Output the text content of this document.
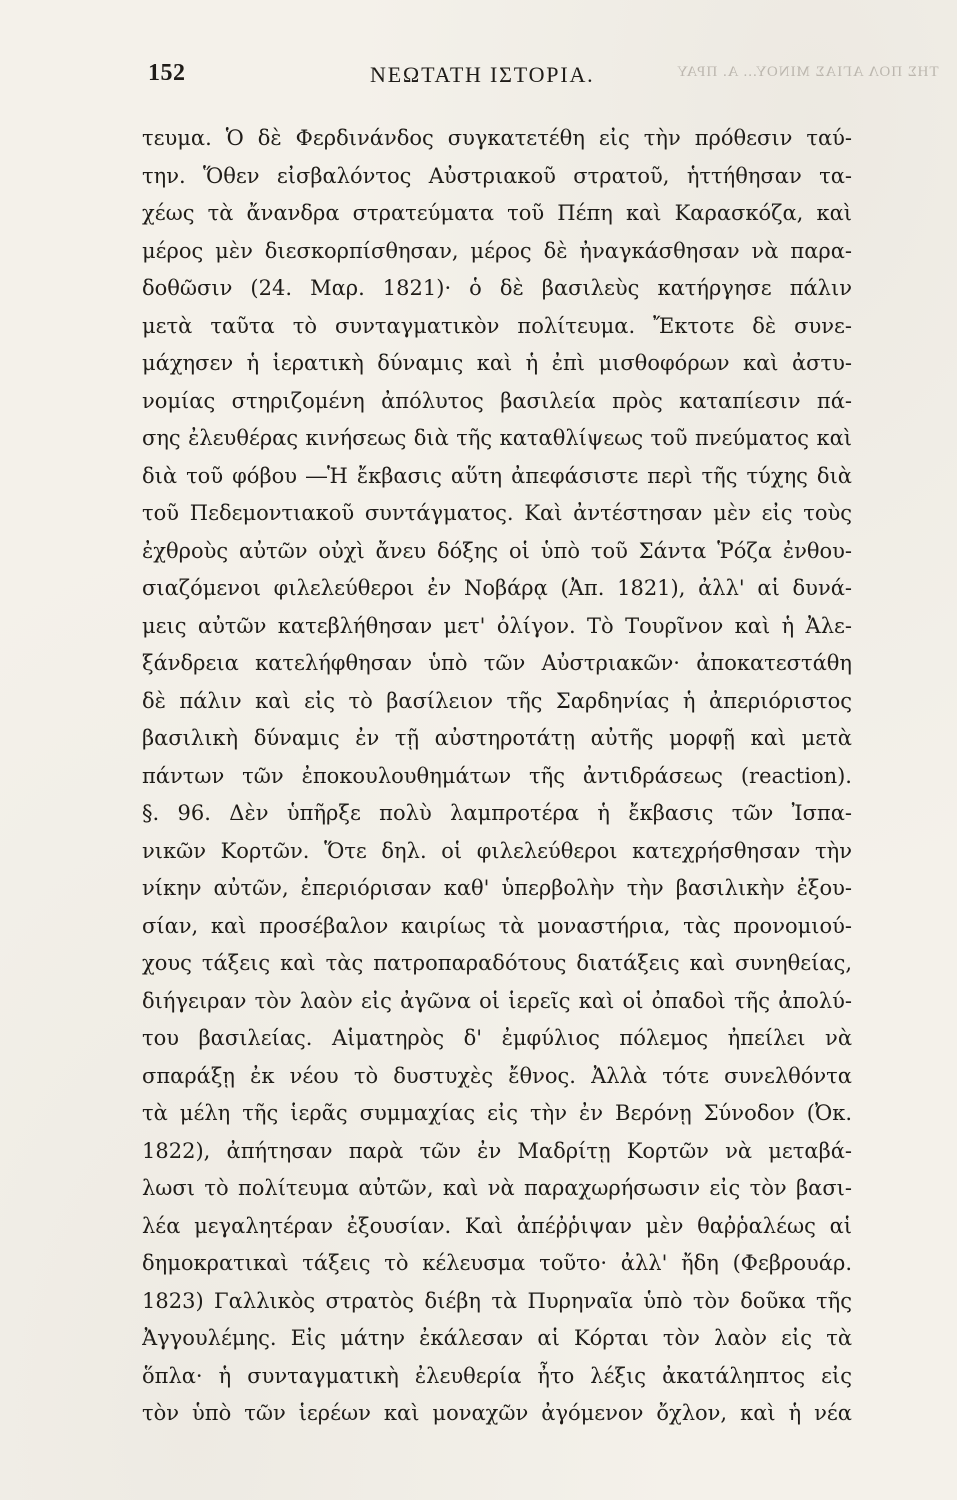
ΤΗΣ ΠΟΛ ΑΓΙΑΣ ΜΙΝΟΥ... Α. ΠΡΑΥ
152	ΝΕΩΤΑΤΗ ΙΣΤΟΡΙΑ.
τευμα. Ὁ δὲ Φερδινάνδος συγκατετέθη εἰς τὴν πρόθεσιν ταύ-
την. Ὅθεν εἰσβαλόντος Αὐστριακοῦ στρατοῦ, ἡττήθησαν τα-
χέως τὰ ἄνανδρα στρατεύματα τοῦ Πέπη καὶ Καρασκόζα, καὶ
μέρος μὲν διεσκορπίσθησαν, μέρος δὲ ἠναγκάσθησαν νὰ παρα-
δοθῶσιν (24. Μαρ. 1821)· ὁ δὲ βασιλεὺς κατήργησε πάλιν
μετὰ ταῦτα τὸ συνταγματικὸν πολίτευμα. Ἔκτοτε δὲ συνε-
μάχησεν ἡ ἱερατικὴ δύναμις καὶ ἡ ἐπὶ μισθοφόρων καὶ ἀστυ-
νομίας στηριζομένη ἀπόλυτος βασιλεία πρὸς καταπίεσιν πά-
σης ἐλευθέρας κινήσεως διὰ τῆς καταθλίψεως τοῦ πνεύματος καὶ
διὰ τοῦ φόβου ―Ἡ ἔκβασις αὕτη ἀπεφάσιστε περὶ τῆς τύχης διὰ
τοῦ Πεδεμοντιακοῦ συντάγματος. Καὶ ἀντέστησαν μὲν εἰς τοὺς
ἐχθροὺς αὐτῶν οὐχὶ ἄνευ δόξης οἱ ὑπὸ τοῦ Σάντα Ῥόζα ἐνθου-
σιαζόμενοι φιλελεύθεροι ἐν Νοβάρᾳ (Ἀπ. 1821), ἀλλ' αἱ δυνά-
μεις αὐτῶν κατεβλήθησαν μετ' ὀλίγον. Τὸ Τουρῖνον καὶ ἡ Ἀλε-
ξάνδρεια κατελήφθησαν ὑπὸ τῶν Αὐστριακῶν· ἀποκατεστάθη
δὲ πάλιν καὶ εἰς τὸ βασίλειον τῆς Σαρδηνίας ἡ ἀπεριόριστος
βασιλικὴ δύναμις ἐν τῇ αὐστηροτάτῃ αὐτῆς μορφῇ καὶ μετὰ
πάντων τῶν ἐποκουλουθημάτων τῆς ἀντιδράσεως (reaction).
§. 96. Δὲν ὑπῆρξε πολὺ λαμπροτέρα ἡ ἔκβασις τῶν Ἰσπα-
νικῶν Κορτῶν. Ὅτε δηλ. οἱ φιλελεύθεροι κατεχρήσθησαν τὴν
νίκην αὐτῶν, ἐπεριόρισαν καθ' ὑπερβολὴν τὴν βασιλικὴν ἐξου-
σίαν, καὶ προσέβαλον καιρίως τὰ μοναστήρια, τὰς προνομιού-
χους τάξεις καὶ τὰς πατροπαραδότους διατάξεις καὶ συνηθείας,
διήγειραν τὸν λαὸν εἰς ἀγῶνα οἱ ἱερεῖς καὶ οἱ ὀπαδοὶ τῆς ἀπολύ-
του βασιλείας. Αἱματηρὸς δ' ἐμφύλιος πόλεμος ἠπείλει νὰ
σπαράξῃ ἐκ νέου τὸ δυστυχὲς ἔθνος. Ἀλλὰ τότε συνελθόντα
τὰ μέλη τῆς ἱερᾶς συμμαχίας εἰς τὴν ἐν Βερόνῃ Σύνοδον (Ὀκ.
1822), ἀπήτησαν παρὰ τῶν ἐν Μαδρίτῃ Κορτῶν νὰ μεταβά-
λωσι τὸ πολίτευμα αὐτῶν, καὶ νὰ παραχωρήσωσιν εἰς τὸν βασι-
λέα μεγαλητέραν ἐξουσίαν. Καὶ ἀπέῤῥιψαν μὲν θαῤῥαλέως αἱ
δημοκρατικαὶ τάξεις τὸ κέλευσμα τοῦτο· ἀλλ' ἤδη (Φεβρουάρ.
1823) Γαλλικὸς στρατὸς διέβη τὰ Πυρηναῖα ὑπὸ τὸν δοῦκα τῆς
Ἀγγουλέμης. Εἰς μάτην ἐκάλεσαν αἱ Κόρται τὸν λαὸν εἰς τὰ
ὅπλα· ἡ συνταγματικὴ ἐλευθερία ἦτο λέξις ἀκατάληπτος εἰς
τὸν ὑπὸ τῶν ἱερέων καὶ μοναχῶν ἀγόμενον ὄχλον, καὶ ἡ νέα
